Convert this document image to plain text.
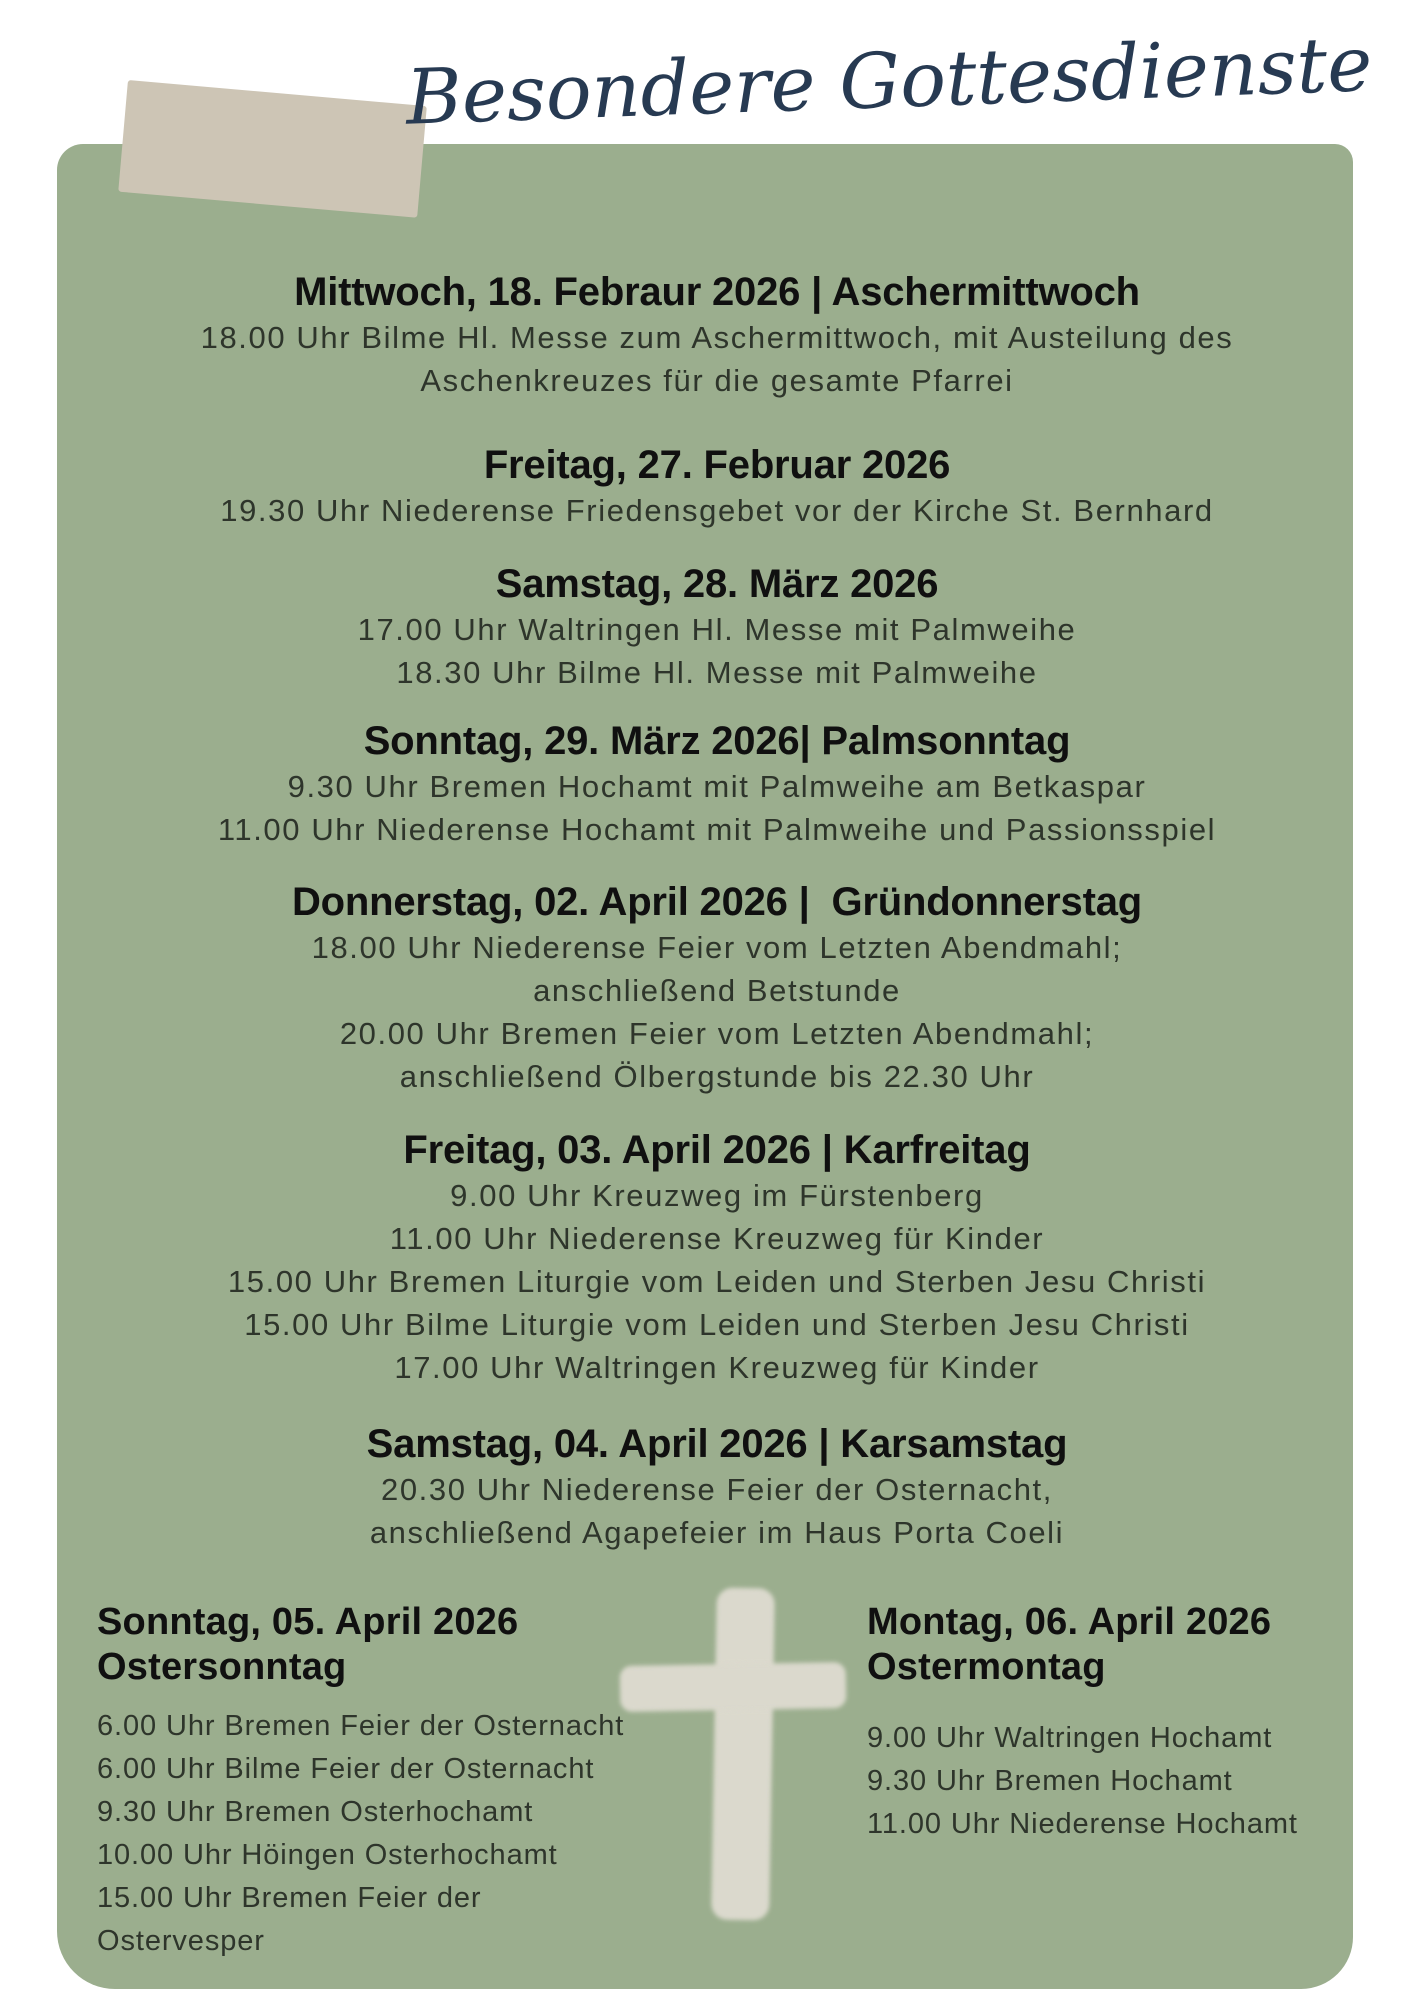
Besondere Gottesdienste
Mittwoch, 18. Febraur 2026 | Aschermittwoch
18.00 Uhr Bilme Hl. Messe zum Aschermittwoch, mit Austeilung des
Aschenkreuzes für die gesamte Pfarrei
Freitag, 27. Februar 2026
19.30 Uhr Niederense Friedensgebet vor der Kirche St. Bernhard
Samstag, 28. März 2026
17.00 Uhr Waltringen Hl. Messe mit Palmweihe
18.30 Uhr Bilme Hl. Messe mit Palmweihe
Sonntag, 29. März 2026| Palmsonntag
9.30 Uhr Bremen Hochamt mit Palmweihe am Betkaspar
11.00 Uhr Niederense Hochamt mit Palmweihe und Passionsspiel
Donnerstag, 02. April 2026 |  Gründonnerstag
18.00 Uhr Niederense Feier vom Letzten Abendmahl;
anschließend Betstunde
20.00 Uhr Bremen Feier vom Letzten Abendmahl;
anschließend Ölbergstunde bis 22.30 Uhr
Freitag, 03. April 2026 | Karfreitag
9.00 Uhr Kreuzweg im Fürstenberg
11.00 Uhr Niederense Kreuzweg für Kinder
15.00 Uhr Bremen Liturgie vom Leiden und Sterben Jesu Christi
15.00 Uhr Bilme Liturgie vom Leiden und Sterben Jesu Christi
17.00 Uhr Waltringen Kreuzweg für Kinder
Samstag, 04. April 2026 | Karsamstag
20.30 Uhr Niederense Feier der Osternacht,
anschließend Agapefeier im Haus Porta Coeli
Sonntag, 05. April 2026
Ostersonntag
6.00 Uhr Bremen Feier der Osternacht
6.00 Uhr Bilme Feier der Osternacht
9.30 Uhr Bremen Osterhochamt
10.00 Uhr Höingen Osterhochamt
15.00 Uhr Bremen Feier der Ostervesper
Montag, 06. April 2026
Ostermontag
9.00 Uhr Waltringen Hochamt
9.30 Uhr Bremen Hochamt
11.00 Uhr Niederense Hochamt
